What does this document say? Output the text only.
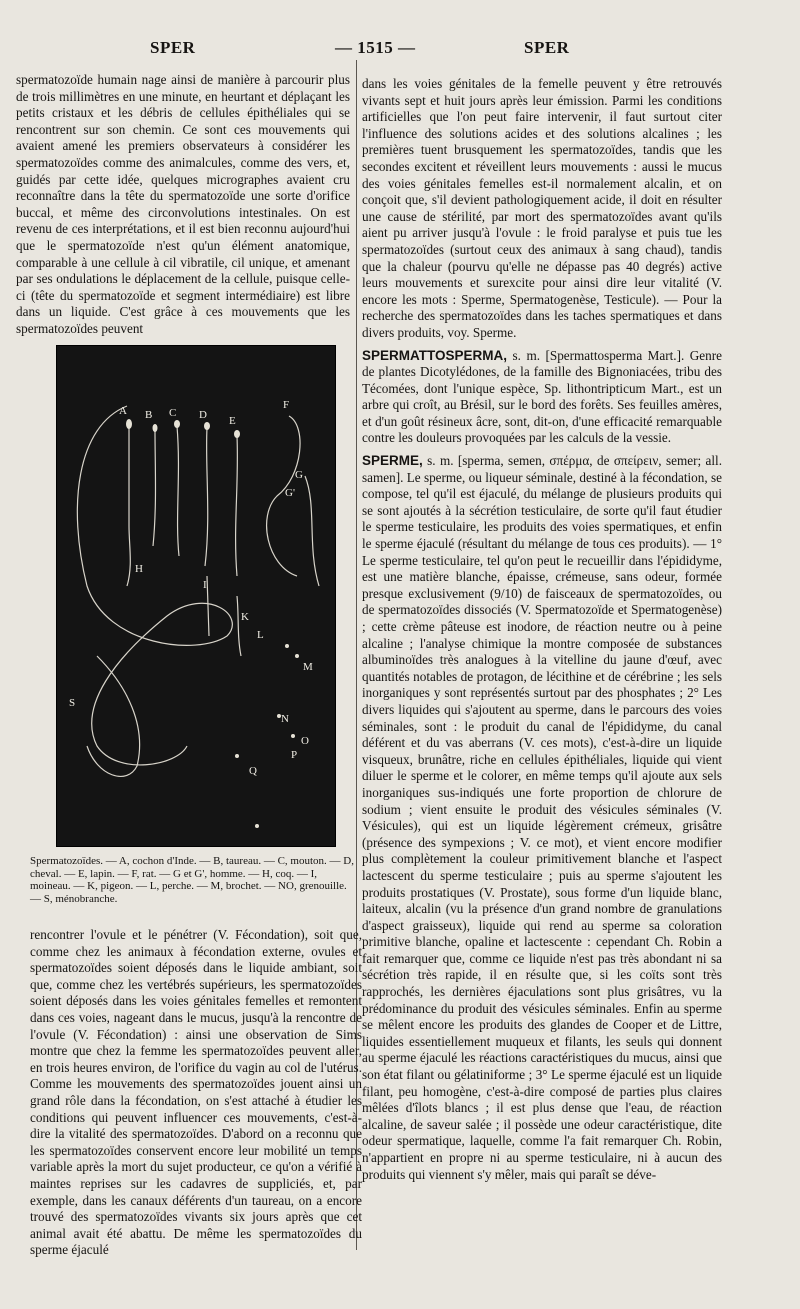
SPER	— 1515 —	SPER

spermatozoïde humain nage ainsi de manière à parcourir plus de trois millimètres en une minute, en heurtant et déplaçant les petits cristaux et les débris de cellules épithéliales qui se rencontrent sur son chemin. Ce sont ces mouvements qui avaient amené les premiers observateurs à considérer les spermatozoïdes comme des animalcules, comme des vers, et, guidés par cette idée, quelques micrographes avaient cru reconnaître dans la tête du spermatozoïde une sorte d'orifice buccal, et même des circonvolutions intestinales. On est revenu de ces interprétations, et il est bien reconnu aujourd'hui que le spermatozoïde n'est qu'un élément anatomique, comparable à une cellule à cil vibratile, cil unique, et amenant par ses ondulations le déplacement de la cellule, puisque celle-ci (tête du spermatozoïde et segment intermédiaire) est libre dans un liquide. C'est grâce à ces mouvements que les spermatozoïdes peuvent

A B C D E
F
G
G'
H
I
K
L
M
N
O
P
Q
S
Spermatozoïdes. — A, cochon d'Inde. — B, taureau. — C, mouton. — D, cheval. — E, lapin. — F, rat. — G et G', homme. — H, coq. — I, moineau. — K, pigeon. — L, perche. — M, brochet. — NO, grenouille. — S, ménobranche.

rencontrer l'ovule et le pénétrer (V. Fécondation), soit que, comme chez les animaux à fécondation externe, ovules et spermatozoïdes soient déposés dans le liquide ambiant, soit que, comme chez les vertébrés supérieurs, les spermatozoïdes soient déposés dans les voies génitales femelles et remontent dans ces voies, nageant dans le mucus, jusqu'à la rencontre de l'ovule (V. Fécondation) : ainsi une observation de Sims montre que chez la femme les spermatozoïdes peuvent aller, en trois heures environ, de l'orifice du vagin au col de l'utérus. Comme les mouvements des spermatozoïdes jouent ainsi un grand rôle dans la fécondation, on s'est attaché à étudier les conditions qui peuvent influencer ces mouvements, c'est-à-dire la vitalité des spermatozoïdes. D'abord on a reconnu que les spermatozoïdes conservent encore leur mobilité un temps variable après la mort du sujet producteur, ce qu'on a vérifié à maintes reprises sur les cadavres de suppliciés, et, par exemple, dans les canaux déférents d'un taureau, on a encore trouvé des spermatozoïdes vivants six jours après que cet animal avait été abattu. De même les spermatozoïdes du sperme éjaculé

dans les voies génitales de la femelle peuvent y être retrouvés vivants sept et huit jours après leur émission. Parmi les conditions artificielles que l'on peut faire intervenir, il faut surtout citer l'influence des solutions acides et des solutions alcalines ; les premières tuent brusquement les spermatozoïdes, tandis que les secondes excitent et réveillent leurs mouvements : aussi le mucus des voies génitales femelles est-il normalement alcalin, et on conçoit que, s'il devient pathologiquement acide, il doit en résulter une cause de stérilité, par mort des spermatozoïdes avant qu'ils aient pu arriver jusqu'à l'ovule : le froid paralyse et puis tue les spermatozoïdes (surtout ceux des animaux à sang chaud), tandis que la chaleur (pourvu qu'elle ne dépasse pas 40 degrés) active leurs mouvements et surexcite pour ainsi dire leur vitalité (V. encore les mots : Sperme, Spermatogenèse, Testicule). — Pour la recherche des spermatozoïdes dans les taches spermatiques et dans divers produits, voy. Sperme.

SPERMATTOSPERMA, s. m. [Spermattosperma Mart.]. Genre de plantes Dicotylédones, de la famille des Bignoniacées, tribu des Técomées, dont l'unique espèce, Sp. lithontripticum Mart., est un arbre qui croît, au Brésil, sur le bord des forêts. Ses feuilles amères, et d'un goût résineux âcre, sont, dit-on, d'une efficacité remarquable contre les douleurs provoquées par les calculs de la vessie.

SPERME, s. m. [sperma, semen, σπέρμα, de σπείρειν, semer; all. samen]. Le sperme, ou liqueur séminale, destiné à la fécondation, se compose, tel qu'il est éjaculé, du mélange de plusieurs produits qui se sont ajoutés à la sécrétion testiculaire, de sorte qu'il faut étudier le sperme testiculaire, les produits des voies spermatiques, et enfin le sperme éjaculé (résultant du mélange de tous ces produits). — 1° Le sperme testiculaire, tel qu'on peut le recueillir dans l'épididyme, est une matière blanche, épaisse, crémeuse, sans odeur, formée presque exclusivement (9/10) de faisceaux de spermatozoïdes, ou de spermatozoïdes dissociés (V. Spermatozoïde et Spermatogenèse) ; cette crème pâteuse est inodore, de réaction neutre ou à peine alcaline ; l'analyse chimique la montre composée de substances albuminoïdes très analogues à la vitelline du jaune d'œuf, avec quantités notables de protagon, de lécithine et de cérébrine ; les sels inorganiques y sont représentés surtout par des phosphates ; 2° Les divers liquides qui s'ajoutent au sperme, dans le parcours des voies séminales, sont : le produit du canal de l'épididyme, du canal déférent et du vas aberrans (V. ces mots), c'est-à-dire un liquide visqueux, brunâtre, riche en cellules épithéliales, liquide qui vient diluer le sperme et le colorer, en même temps qu'il ajoute aux sels inorganiques sus-indiqués une forte proportion de chlorure de sodium ; vient ensuite le produit des vésicules séminales (V. Vésicules), qui est un liquide légèrement crémeux, grisâtre (présence des sympexions ; V. ce mot), et vient encore modifier plus complètement la couleur primitivement blanche et l'aspect lactescent du sperme testiculaire ; puis au sperme s'ajoutent les produits prostatiques (V. Prostate), sous forme d'un liquide blanc, laiteux, alcalin (vu la présence d'un grand nombre de granulations d'aspect graisseux), liquide qui rend au sperme sa coloration primitive blanche, opaline et lactescente : cependant Ch. Robin a fait remarquer que, comme ce liquide n'est pas très abondant ni sa sécrétion très rapide, il en résulte que, si les coïts sont très rapprochés, les dernières éjaculations sont plus grisâtres, vu la prédominance du produit des vésicules séminales. Enfin au sperme se mêlent encore les produits des glandes de Cooper et de Littre, liquides essentiellement muqueux et filants, les seuls qui donnent au sperme éjaculé les réactions caractéristiques du mucus, ainsi que son état filant ou gélatiniforme ; 3° Le sperme éjaculé est un liquide filant, peu homogène, c'est-à-dire composé de parties plus claires mêlées d'îlots blancs ; il est plus dense que l'eau, de réaction alcaline, de saveur salée ; il possède une odeur caractéristique, dite odeur spermatique, laquelle, comme l'a fait remarquer Ch. Robin, n'appartient en propre ni au sperme testiculaire, ni à aucun des produits qui viennent s'y mêler, mais qui paraît se déve-
